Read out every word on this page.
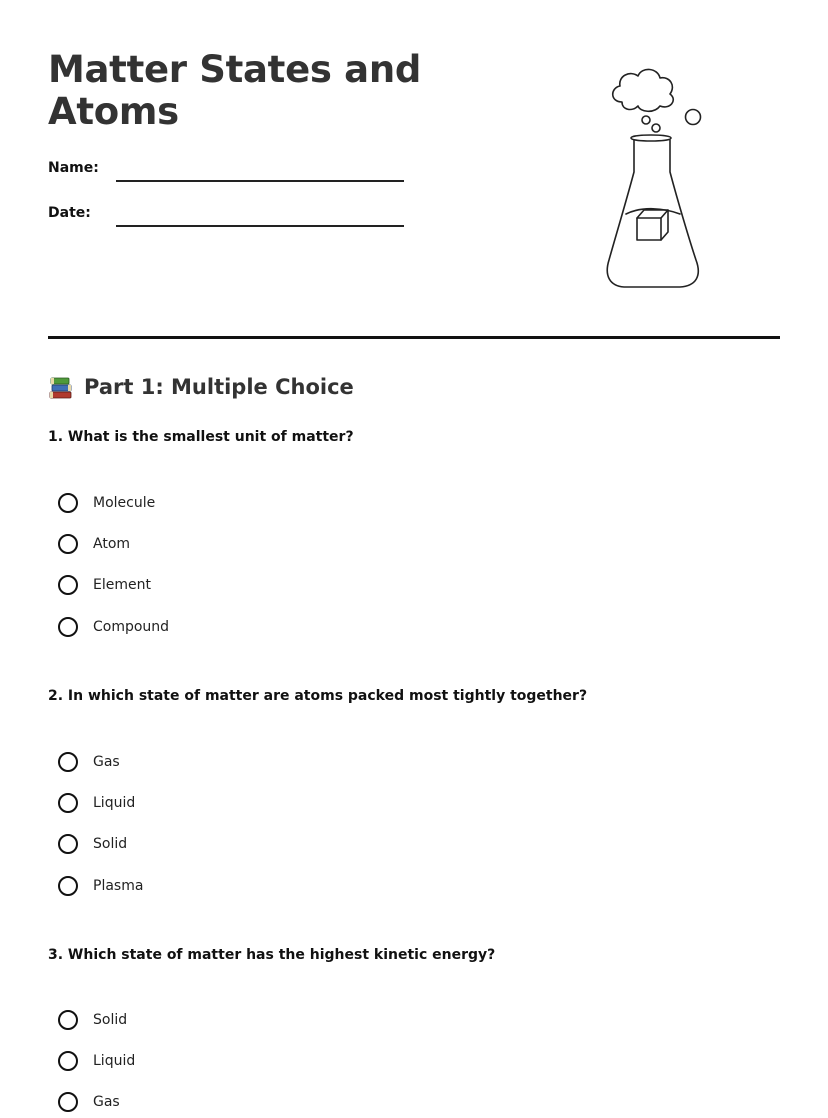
Matter States and Atoms
Name:
Date:
Part 1: Multiple Choice

1. What is the smallest unit of matter?

Molecule
Atom
Element
Compound

2. In which state of matter are atoms packed most tightly together?

Gas
Liquid
Solid
Plasma

3. Which state of matter has the highest kinetic energy?

Solid
Liquid
Gas
